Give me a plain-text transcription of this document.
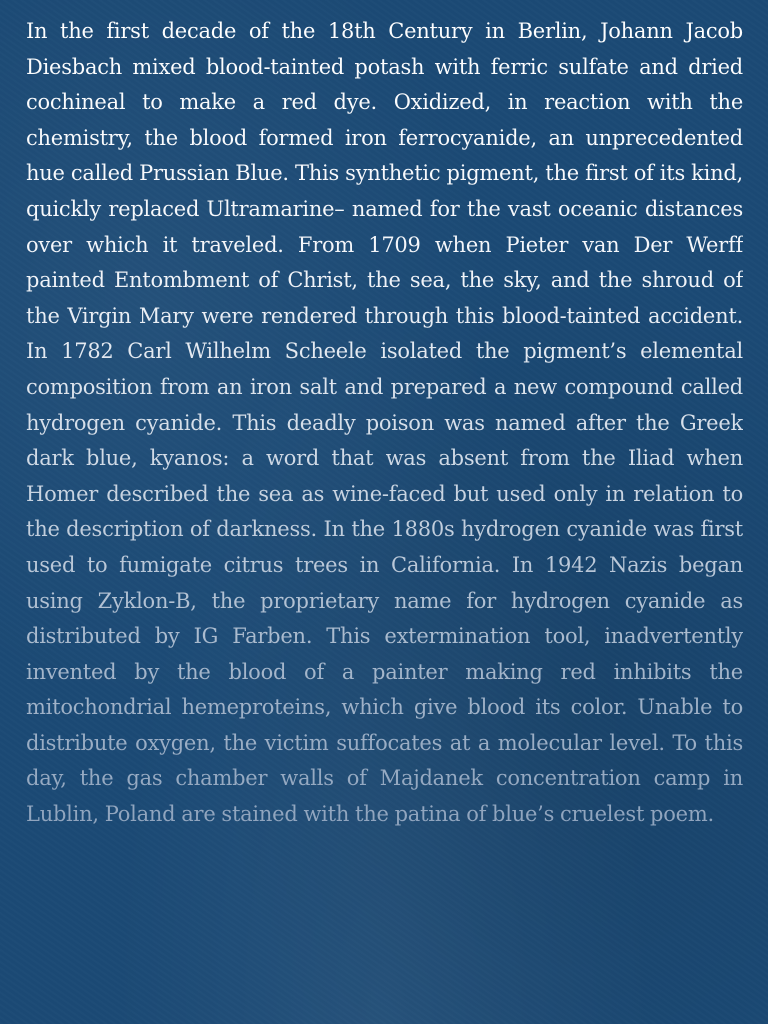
In the first decade of the 18th Century in Berlin, Johann Jacob Diesbach mixed blood-tainted potash with ferric sulfate and dried cochineal to make a red dye. Oxidized, in reaction with the chemistry, the blood formed iron ferrocyanide, an unprecedented hue called Prussian Blue. This synthetic pigment, the first of its kind, quickly replaced Ultramarine– named for the vast oceanic distances over which it traveled. From 1709 when Pieter van Der Werff painted Entombment of Christ, the sea, the sky, and the shroud of the Virgin Mary were rendered through this blood-tainted accident. In 1782 Carl Wilhelm Scheele isolated the pigment’s elemental composition from an iron salt and prepared a new compound called hydrogen cyanide. This deadly poison was named after the Greek dark blue, kyanos: a word that was absent from the Iliad when Homer described the sea as wine-faced but used only in relation to the description of darkness. In the 1880s hydrogen cyanide was first used to fumigate citrus trees in California. In 1942 Nazis began using Zyklon-B, the proprietary name for hydrogen cyanide as distributed by IG Farben. This extermination tool, inadvertently invented by the blood of a painter making red inhibits the mitochondrial hemeproteins, which give blood its color. Unable to distribute oxygen, the victim suffocates at a molecular level. To this day, the gas chamber walls of Majdanek concentration camp in Lublin, Poland are stained with the patina of blue’s cruelest poem.
